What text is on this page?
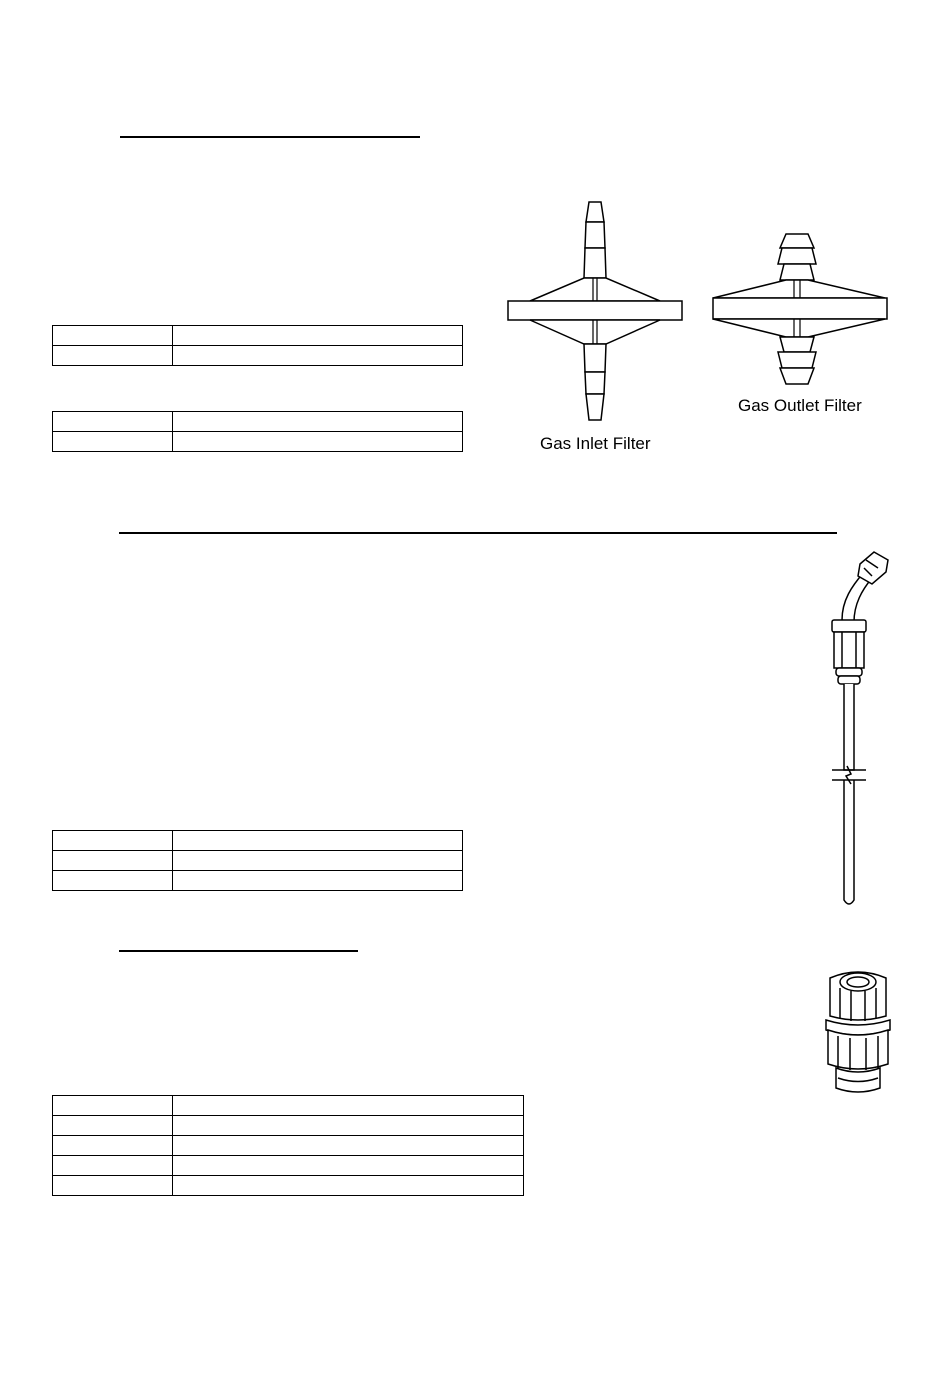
Gas Inlet Filter
Gas Outlet Filter
